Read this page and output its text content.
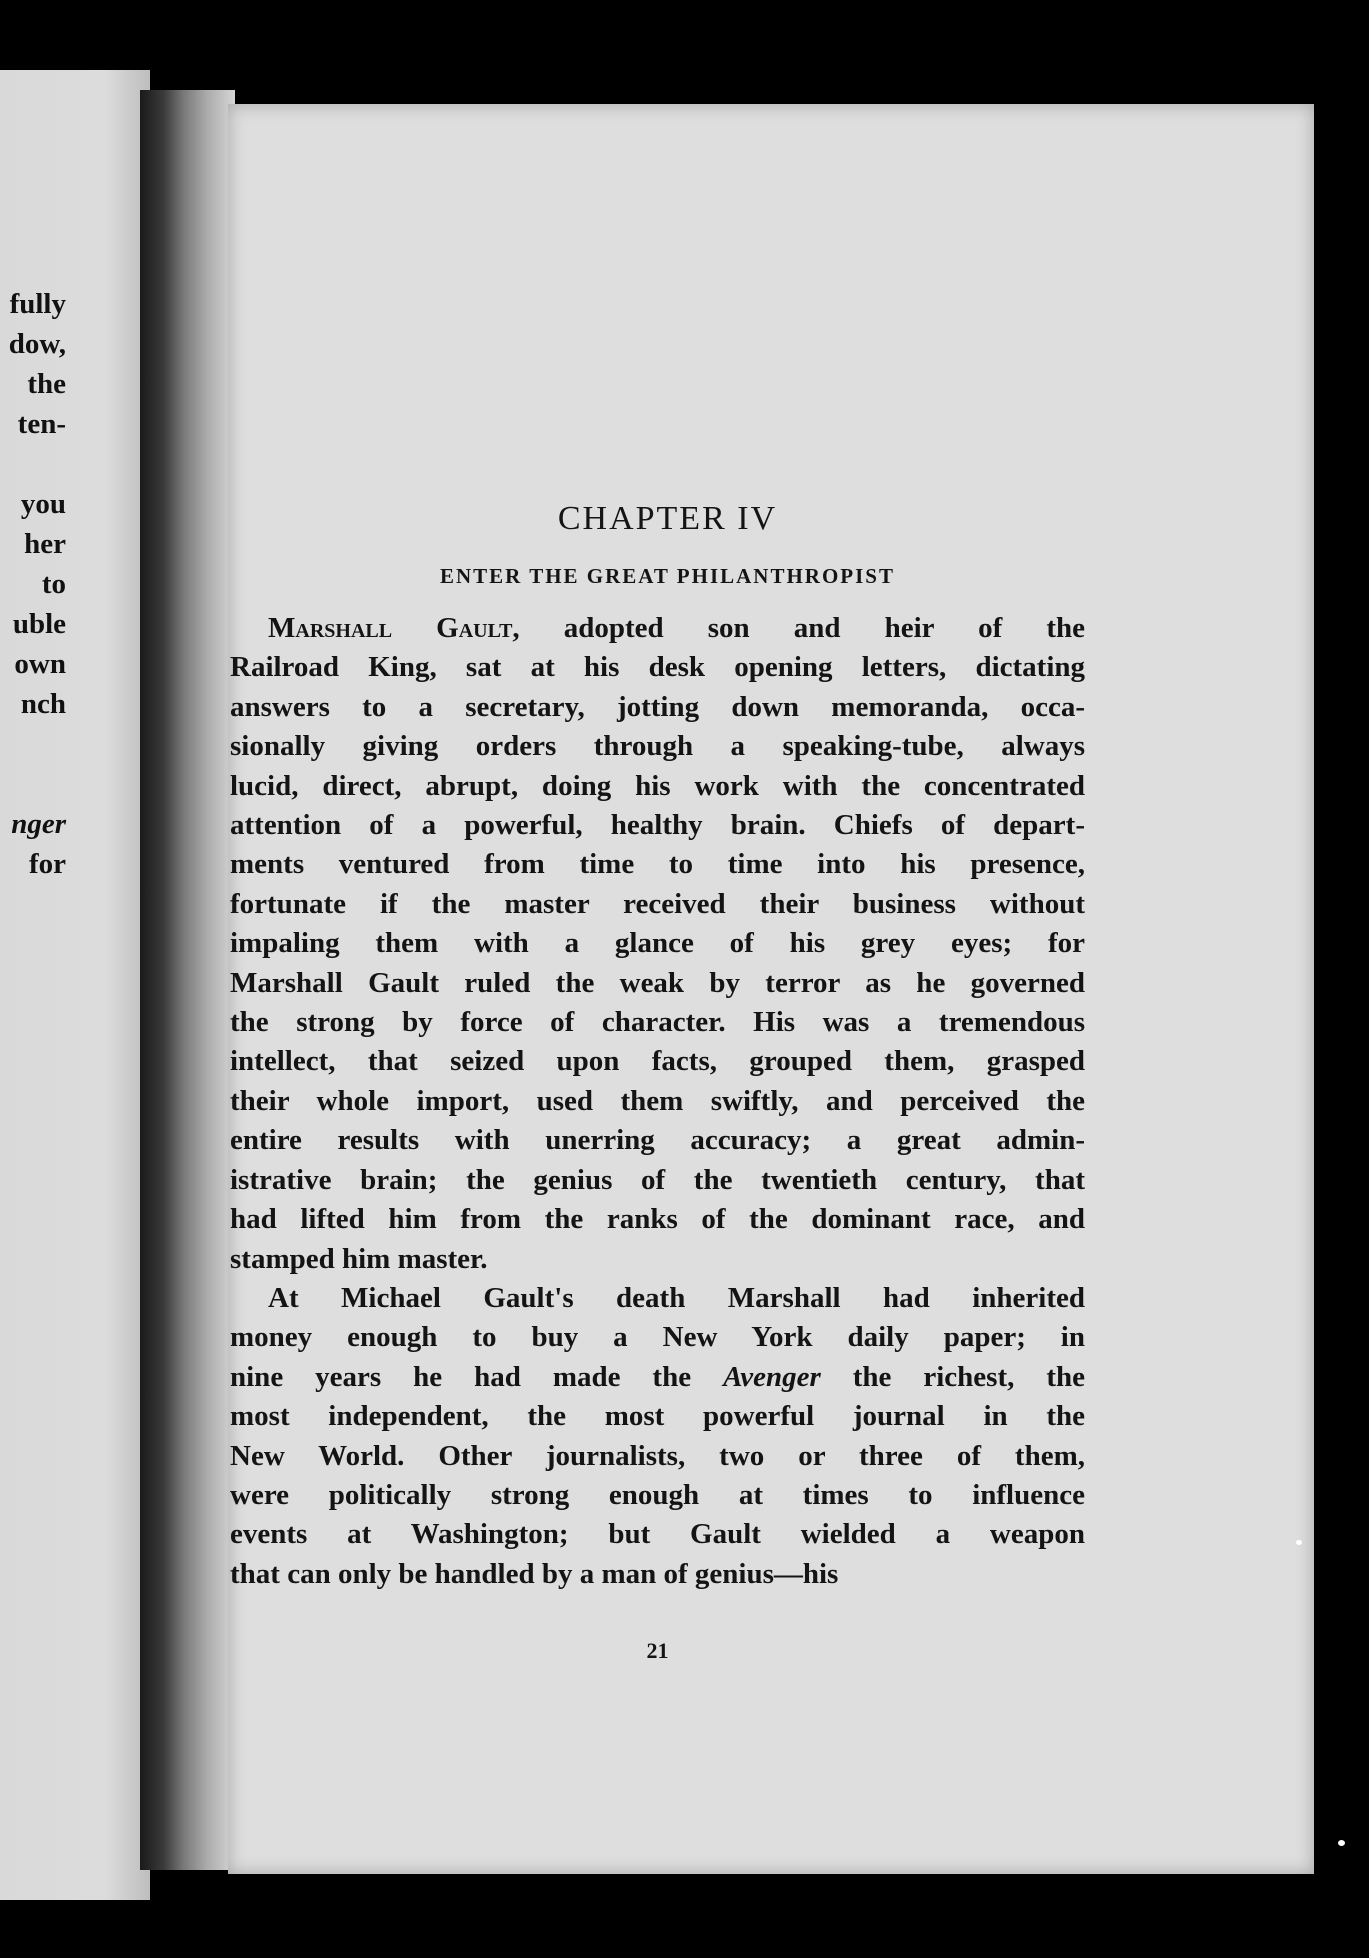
fully
dow,
the
ten-
you
her
to
uble
own
nch
nger
for
CHAPTER IV
ENTER THE GREAT PHILANTHROPIST
Marshall Gault, adopted son and heir of the
Railroad King, sat at his desk opening letters, dictating
answers to a secretary, jotting down memoranda, occa-
sionally giving orders through a speaking-tube, always
lucid, direct, abrupt, doing his work with the concentrated
attention of a powerful, healthy brain. Chiefs of depart-
ments ventured from time to time into his presence,
fortunate if the master received their business without
impaling them with a glance of his grey eyes; for
Marshall Gault ruled the weak by terror as he governed
the strong by force of character. His was a tremendous
intellect, that seized upon facts, grouped them, grasped
their whole import, used them swiftly, and perceived the
entire results with unerring accuracy; a great admin-
istrative brain; the genius of the twentieth century, that
had lifted him from the ranks of the dominant race, and
stamped him master.
At Michael Gault's death Marshall had inherited
money enough to buy a New York daily paper; in
nine years he had made the Avenger the richest, the
most independent, the most powerful journal in the
New World. Other journalists, two or three of them,
were politically strong enough at times to influence
events at Washington; but Gault wielded a weapon
that can only be handled by a man of genius—his
21
